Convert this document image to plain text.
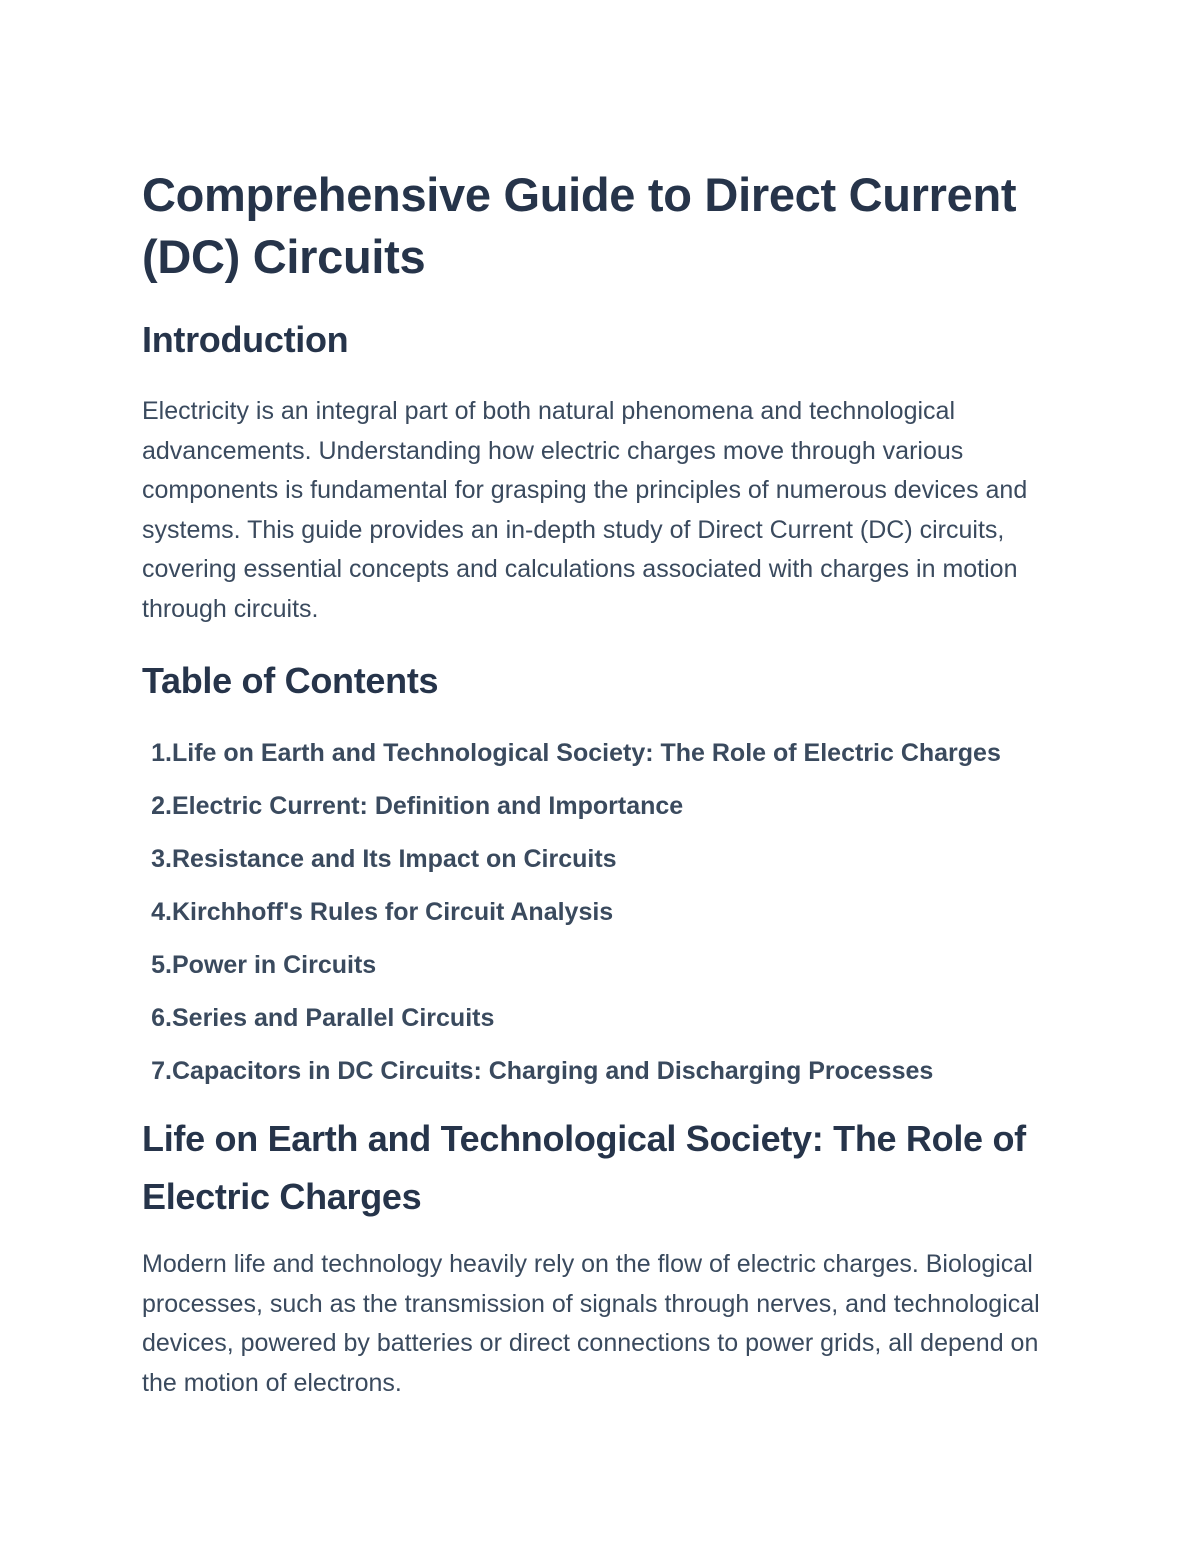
Comprehensive Guide to Direct Current (DC) Circuits
Introduction

Electricity is an integral part of both natural phenomena and technological advancements. Understanding how electric charges move through various components is fundamental for grasping the principles of numerous devices and systems. This guide provides an in-depth study of Direct Current (DC) circuits, covering essential concepts and calculations associated with charges in motion through circuits.

Table of Contents
1. Life on Earth and Technological Society: The Role of Electric Charges
2. Electric Current: Definition and Importance
3. Resistance and Its Impact on Circuits
4. Kirchhoff's Rules for Circuit Analysis
5. Power in Circuits
6. Series and Parallel Circuits
7. Capacitors in DC Circuits: Charging and Discharging Processes
Life on Earth and Technological Society: The Role of Electric Charges

Modern life and technology heavily rely on the flow of electric charges. Biological processes, such as the transmission of signals through nerves, and technological devices, powered by batteries or direct connections to power grids, all depend on the motion of electrons.
